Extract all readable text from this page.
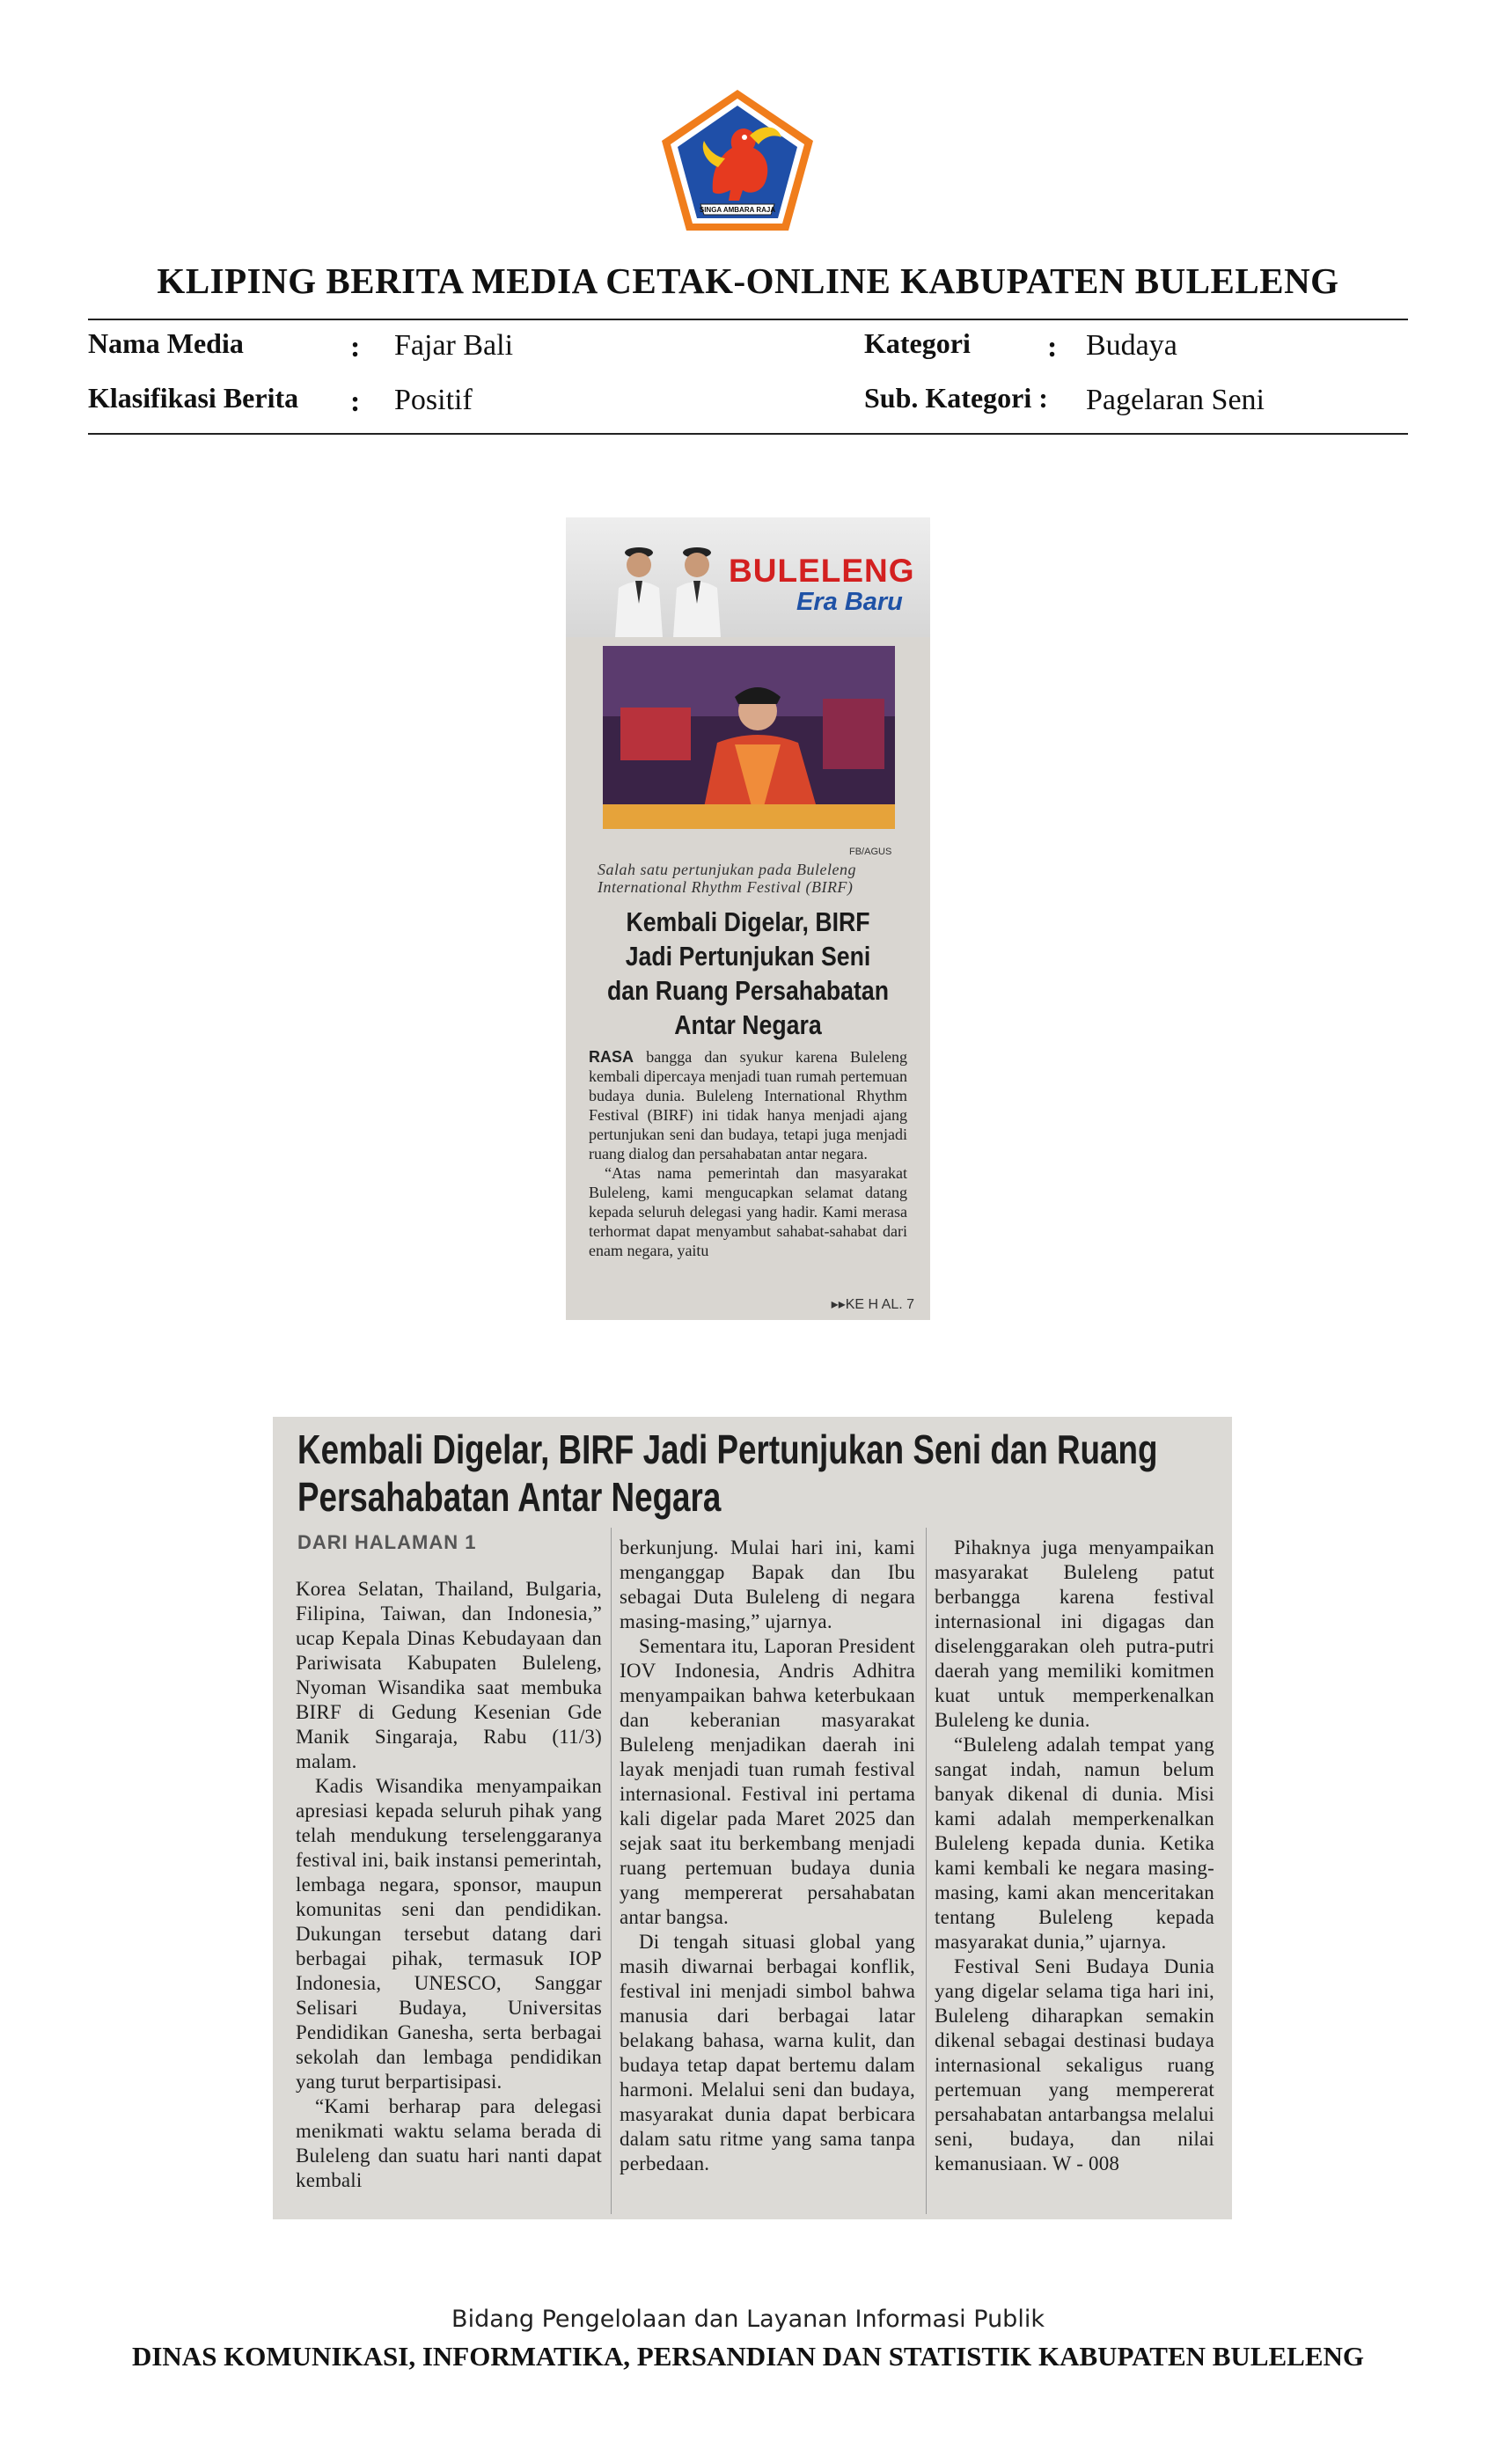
SINGA AMBARA RAJA
KLIPING BERITA MEDIA CETAK-ONLINE KABUPATEN BULELENG
Nama Media	: Fajar Bali	Kategori	: Budaya
Klasifikasi Berita : Positif	Sub. Kategori : Pagelaran Seni
BULELENG
Era Baru
FB/AGUS
Salah satu pertunjukan pada Buleleng International Rhythm Festival (BIRF)
Kembali Digelar, BIRF Jadi Pertunjukan Seni dan Ruang Persahabatan Antar Negara

RASA bangga dan syukur karena Buleleng kembali dipercaya menjadi tuan rumah pertemuan budaya dunia. Buleleng International Rhythm Festival (BIRF) ini tidak hanya menjadi ajang pertunjukan seni dan budaya, tetapi juga menjadi ruang dialog dan persahabatan antar negara.

“Atas nama pemerintah dan masyarakat Buleleng, kami mengucapkan selamat datang kepada seluruh delegasi yang hadir. Kami merasa terhormat dapat menyambut sahabat-sahabat dari enam negara, yaitu

▸▸KE H AL. 7
Kembali Digelar, BIRF Jadi Pertunjukan Seni dan Ruang Persahabatan Antar Negara
DARI HALAMAN 1

Korea Selatan, Thailand, Bulgaria, Filipina, Taiwan, dan Indonesia,” ucap Kepala Dinas Kebudayaan dan Pariwisata Kabupaten Buleleng, Nyoman Wisandika saat membuka BIRF di Gedung Kesenian Gde Manik Singaraja, Rabu (11/3) malam.

Kadis Wisandika menyampaikan apresiasi kepada seluruh pihak yang telah mendukung terselenggaranya festival ini, baik instansi pemerintah, lembaga negara, sponsor, maupun komunitas seni dan pendidikan. Dukungan tersebut datang dari berbagai pihak, termasuk IOP Indonesia, UNESCO, Sanggar Selisari Budaya, Universitas Pendidikan Ganesha, serta berbagai sekolah dan lembaga pendidikan yang turut berpartisipasi.

“Kami berharap para delegasi menikmati waktu selama berada di Buleleng dan suatu hari nanti dapat kembali

berkunjung. Mulai hari ini, kami menganggap Bapak dan Ibu sebagai Duta Buleleng di negara masing-masing,” ujarnya.

Sementara itu, Laporan President IOV Indonesia, Andris Adhitra menyampaikan bahwa keterbukaan dan keberanian masyarakat Buleleng menjadikan daerah ini layak menjadi tuan rumah festival internasional. Festival ini pertama kali digelar pada Maret 2025 dan sejak saat itu berkembang menjadi ruang pertemuan budaya dunia yang mempererat persahabatan antar bangsa.

Di tengah situasi global yang masih diwarnai berbagai konflik, festival ini menjadi simbol bahwa manusia dari berbagai latar belakang bahasa, warna kulit, dan budaya tetap dapat bertemu dalam harmoni. Melalui seni dan budaya, masyarakat dunia dapat berbicara dalam satu ritme yang sama tanpa perbedaan.

Pihaknya juga menyampaikan masyarakat Buleleng patut berbangga karena festival internasional ini digagas dan diselenggarakan oleh putra-putri daerah yang memiliki komitmen kuat untuk memperkenalkan Buleleng ke dunia.

“Buleleng adalah tempat yang sangat indah, namun belum banyak dikenal di dunia. Misi kami adalah memperkenalkan Buleleng kepada dunia. Ketika kami kembali ke negara masing-masing, kami akan menceritakan tentang Buleleng kepada masyarakat dunia,” ujarnya.

Festival Seni Budaya Dunia yang digelar selama tiga hari ini, Buleleng diharapkan semakin dikenal sebagai destinasi budaya internasional sekaligus ruang pertemuan yang mempererat persahabatan antarbangsa melalui seni, budaya, dan nilai kemanusiaan. W - 008

Bidang Pengelolaan dan Layanan Informasi Publik
DINAS KOMUNIKASI, INFORMATIKA, PERSANDIAN DAN STATISTIK KABUPATEN BULELENG
